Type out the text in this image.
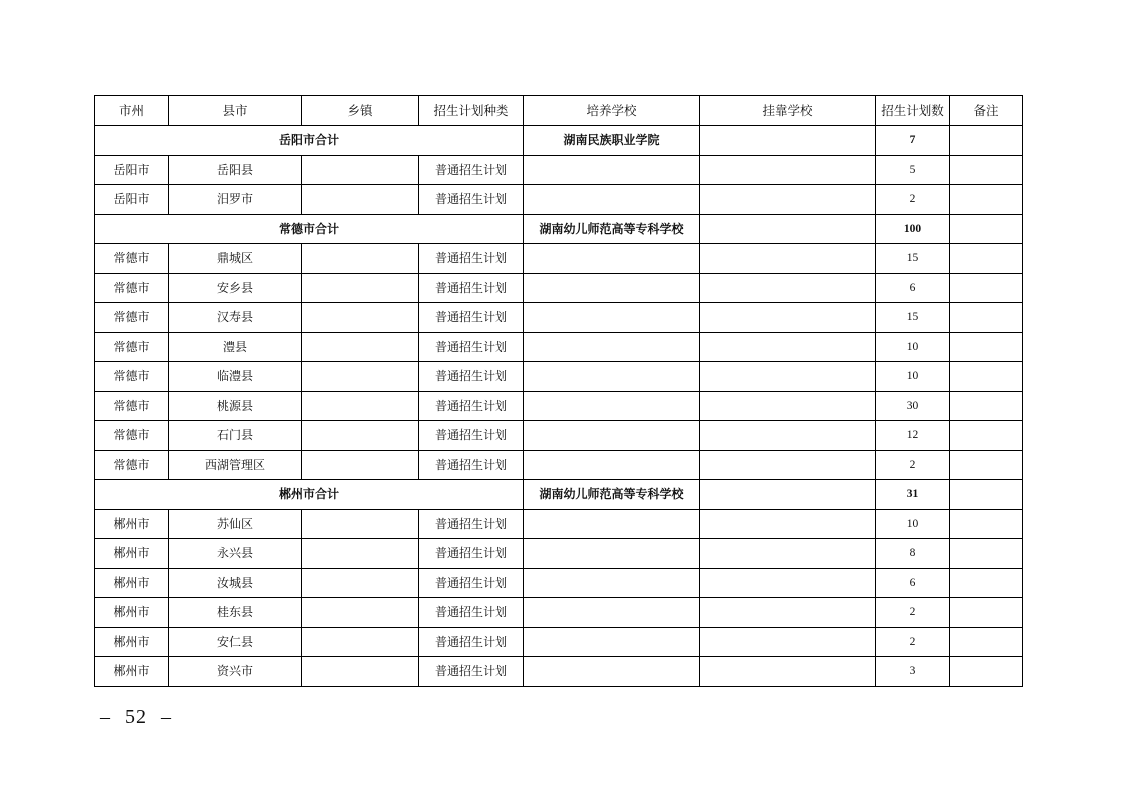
市州	县市	乡镇	招生计划种类	培养学校	挂靠学校	招生计划数	备注
岳阳市合计				湖南民族职业学院		7	
岳阳市	岳阳县		普通招生计划			5	
岳阳市	汨罗市		普通招生计划			2	
常德市合计				湖南幼儿师范高等专科学校		100	
常德市	鼎城区		普通招生计划			15	
常德市	安乡县		普通招生计划			6	
常德市	汉寿县		普通招生计划			15	
常德市	澧县		普通招生计划			10	
常德市	临澧县		普通招生计划			10	
常德市	桃源县		普通招生计划			30	
常德市	石门县		普通招生计划			12	
常德市	西湖管理区		普通招生计划			2	
郴州市合计				湖南幼儿师范高等专科学校		31	
郴州市	苏仙区		普通招生计划			10	
郴州市	永兴县		普通招生计划			8	
郴州市	汝城县		普通招生计划			6	
郴州市	桂东县		普通招生计划			2	
郴州市	安仁县		普通招生计划			2	
郴州市	资兴市		普通招生计划			3	
– 52 –
